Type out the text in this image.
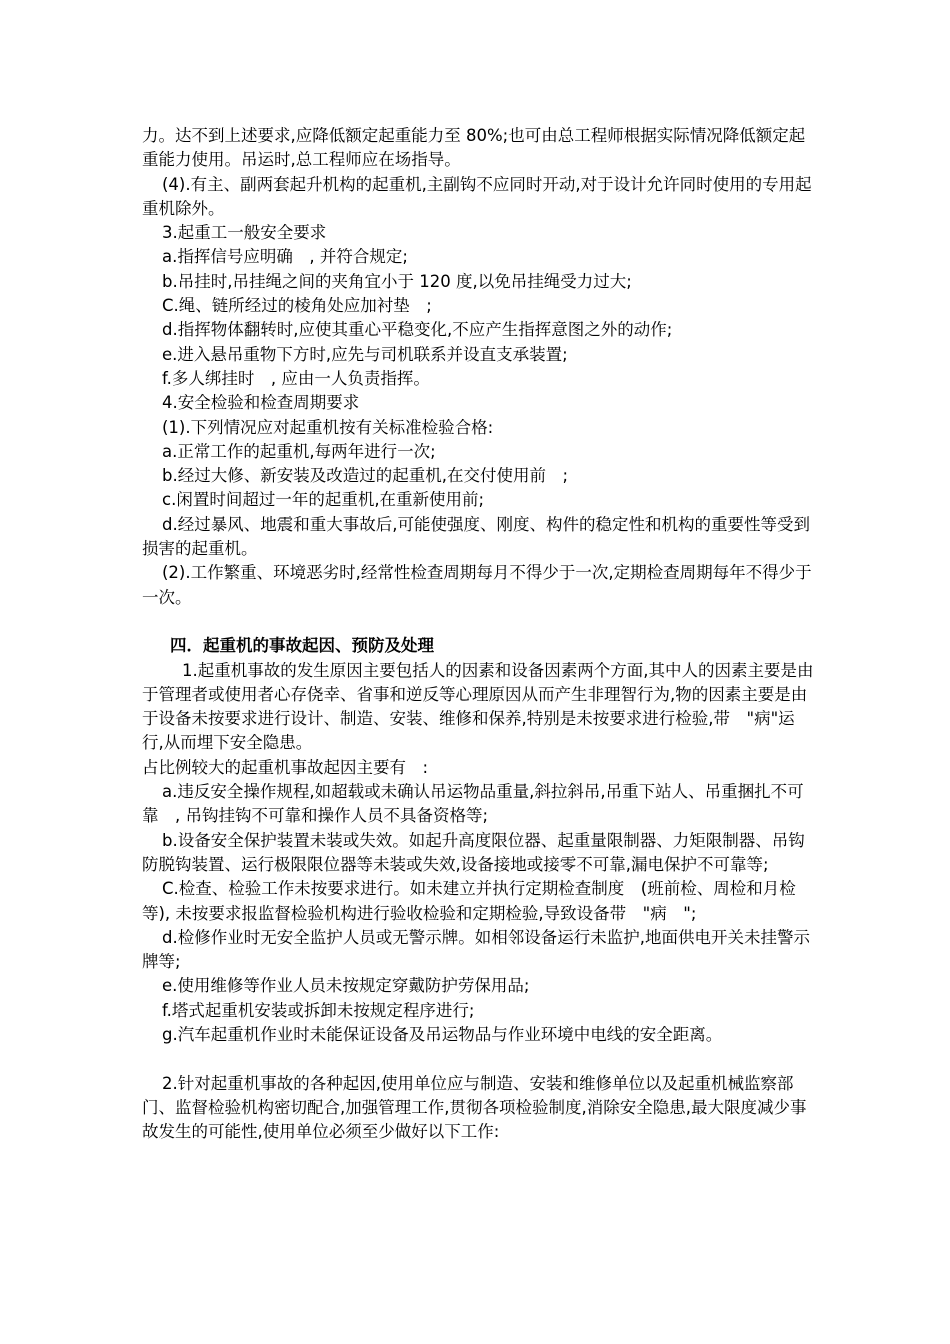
力。达不到上述要求,应降低额定起重能力至 80%;也可由总工程师根据实际情况降低额定起重能力使用。吊运时,总工程师应在场指导。

(4).有主、副两套起升机构的起重机,主副钩不应同时开动,对于设计允许同时使用的专用起重机除外。

3.起重工一般安全要求

a.指挥信号应明确　, 并符合规定;

b.吊挂时,吊挂绳之间的夹角宜小于 120 度,以免吊挂绳受力过大;

C.绳、链所经过的棱角处应加衬垫　;

d.指挥物体翻转时,应使其重心平稳变化,不应产生指挥意图之外的动作;

e.进入悬吊重物下方时,应先与司机联系并设直支承装置;

f.多人绑挂时　, 应由一人负责指挥。

4.安全检验和检查周期要求

(1).下列情况应对起重机按有关标准检验合格:

a.正常工作的起重机,每两年进行一次;

b.经过大修、新安装及改造过的起重机,在交付使用前　;

c.闲置时间超过一年的起重机,在重新使用前;

d.经过暴风、地震和重大事故后,可能使强度、刚度、构件的稳定性和机构的重要性等受到损害的起重机。

(2).工作繁重、环境恶劣时,经常性检查周期每月不得少于一次,定期检查周期每年不得少于一次。

四．起重机的事故起因、预防及处理

1.起重机事故的发生原因主要包括人的因素和设备因素两个方面,其中人的因素主要是由于管理者或使用者心存侥幸、省事和逆反等心理原因从而产生非理智行为,物的因素主要是由于设备未按要求进行设计、制造、安装、维修和保养,特别是未按要求进行检验,带　"病"运行,从而埋下安全隐患。

占比例较大的起重机事故起因主要有　:

a.违反安全操作规程,如超载或未确认吊运物品重量,斜拉斜吊,吊重下站人、吊重捆扎不可靠　, 吊钩挂钩不可靠和操作人员不具备资格等;

b.设备安全保护装置未装或失效。如起升高度限位器、起重量限制器、力矩限制器、吊钩防脱钩装置、运行极限限位器等未装或失效,设备接地或接零不可靠,漏电保护不可靠等;

C.检查、检验工作未按要求进行。如未建立并执行定期检查制度　(班前检、周检和月检等), 未按要求报监督检验机构进行验收检验和定期检验,导致设备带　"病　";

d.检修作业时无安全监护人员或无警示牌。如相邻设备运行未监护,地面供电开关未挂警示牌等;

e.使用维修等作业人员未按规定穿戴防护劳保用品;

f.塔式起重机安装或拆卸未按规定程序进行;

g.汽车起重机作业时未能保证设备及吊运物品与作业环境中电线的安全距离。

2.针对起重机事故的各种起因,使用单位应与制造、安装和维修单位以及起重机械监察部门、监督检验机构密切配合,加强管理工作,贯彻各项检验制度,消除安全隐患,最大限度减少事故发生的可能性,使用单位必须至少做好以下工作:
